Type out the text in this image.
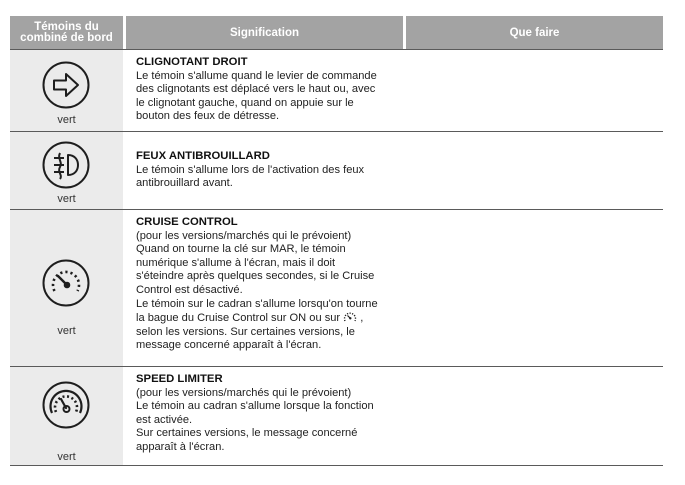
Témoins du
combiné de bord	Signification	Que faire
vert
CLIGNOTANT DROIT
Le témoin s'allume quand le levier de commande
des clignotants est déplacé vers le haut ou, avec
le clignotant gauche, quand on appuie sur le
bouton des feux de détresse.
vert
FEUX ANTIBROUILLARD
Le témoin s'allume lors de l'activation des feux
antibrouillard avant.
vert
CRUISE CONTROL
(pour les versions/marchés qui le prévoient)
Quand on tourne la clé sur MAR, le témoin
numérique s'allume à l'écran, mais il doit
s'éteindre après quelques secondes, si le Cruise
Control est désactivé.
Le témoin sur le cadran s'allume lorsqu'on tourne
la bague du Cruise Control sur ON ou sur  ,
selon les versions. Sur certaines versions, le
message concerné apparaît à l'écran.
vert
SPEED LIMITER
(pour les versions/marchés qui le prévoient)
Le témoin au cadran s'allume lorsque la fonction
est activée.
Sur certaines versions, le message concerné
apparaît à l'écran.
